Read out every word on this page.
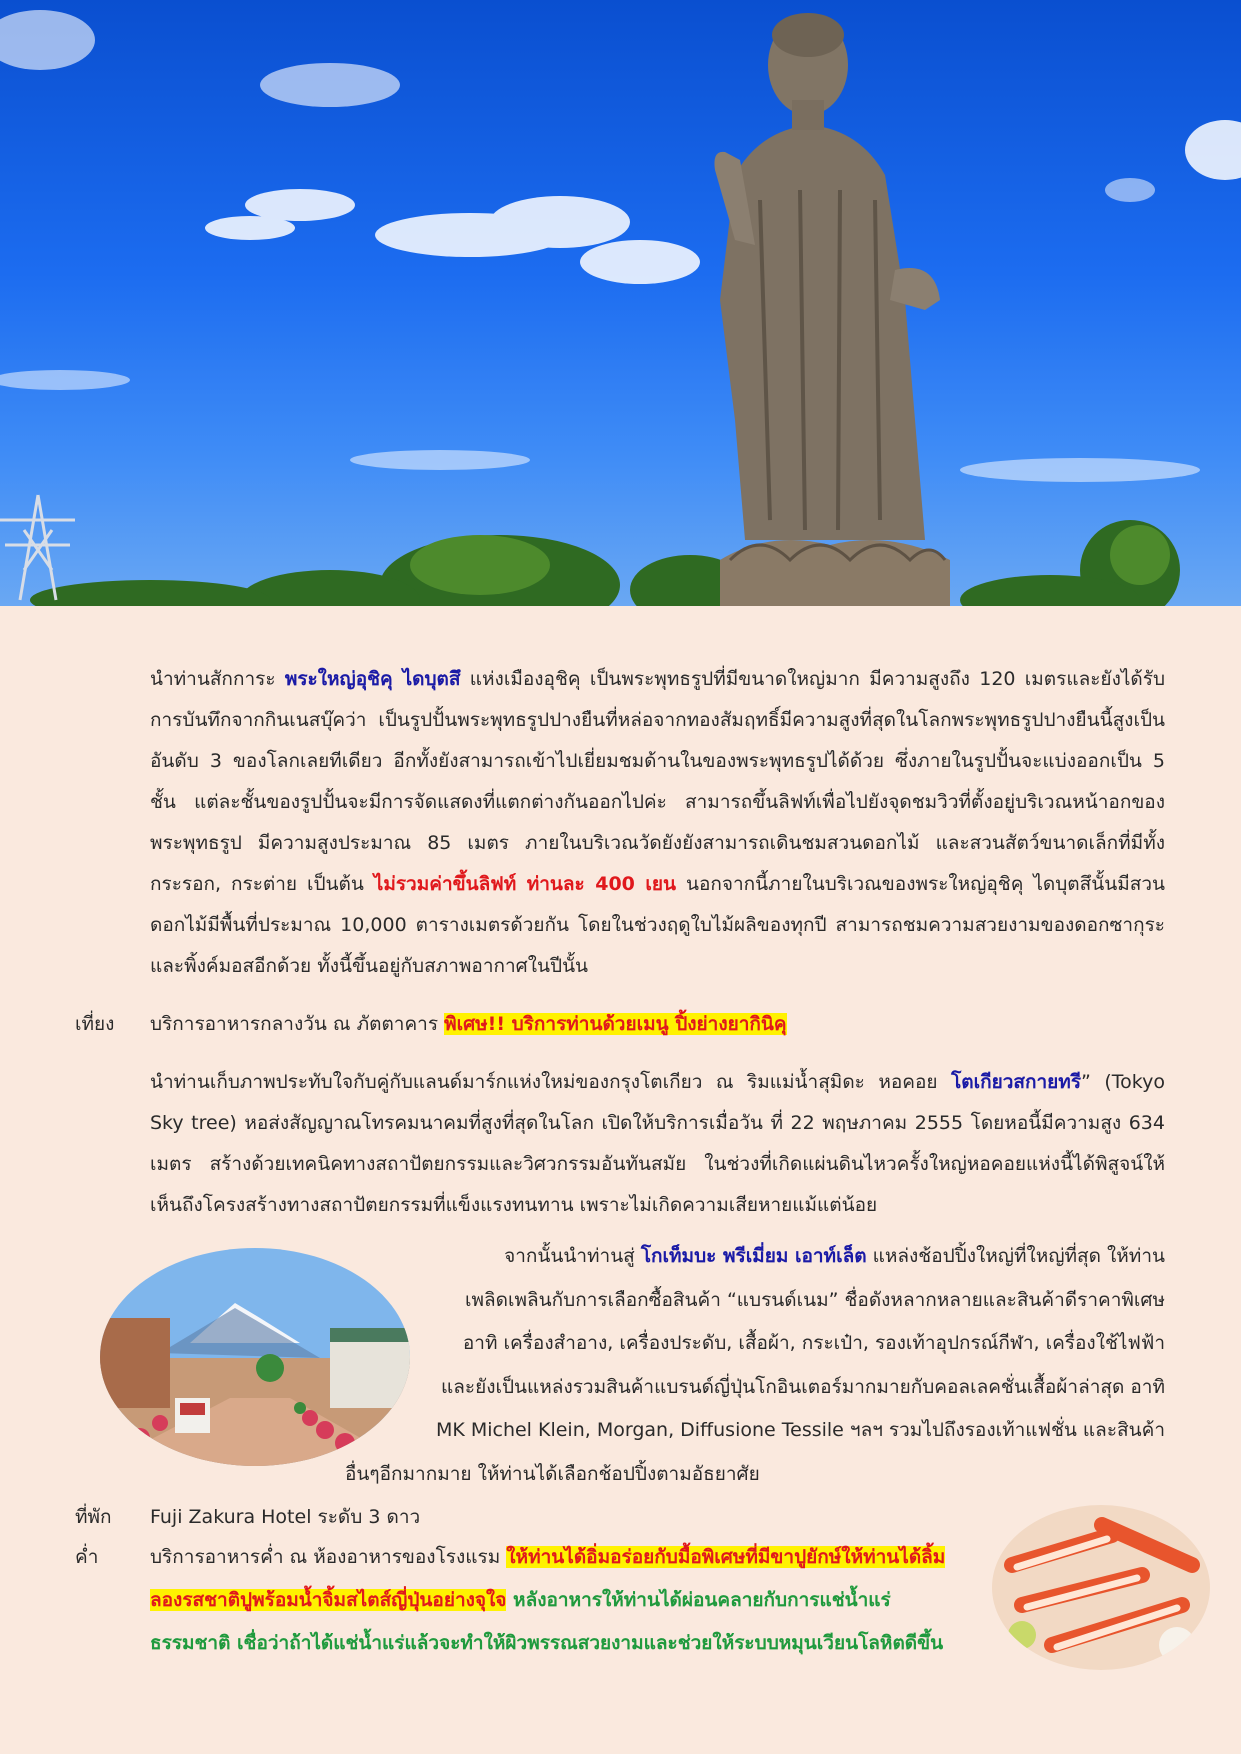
นำท่านสักการะ พระใหญ่อุชิคุ ไดบุตสึ แห่งเมืองอุชิคุ เป็นพระพุทธรูปที่มีขนาดใหญ่มาก มีความสูงถึง 120 เมตรและยังได้รับการบันทึกจากกินเนสบุ๊คว่า เป็นรูปปั้นพระพุทธรูปปางยืนที่หล่อจากทองสัมฤทธิ์มีความสูงที่สุดในโลกพระพุทธรูปปางยืนนี้สูงเป็นอันดับ 3 ของโลกเลยทีเดียว อีกทั้งยังสามารถเข้าไปเยี่ยมชมด้านในของพระพุทธรูปได้ด้วย ซึ่งภายในรูปปั้นจะแบ่งออกเป็น 5 ชั้น แต่ละชั้นของรูปปั้นจะมีการจัดแสดงที่แตกต่างกันออกไปค่ะ สามารถขึ้นลิฟท์เพื่อไปยังจุดชมวิวที่ตั้งอยู่บริเวณหน้าอกของพระพุทธรูป มีความสูงประมาณ 85 เมตร ภายในบริเวณวัดยังยังสามารถเดินชมสวนดอกไม้ และสวนสัตว์ขนาดเล็กที่มีทั้งกระรอก, กระต่าย เป็นต้น ไม่รวมค่าขึ้นลิฟท์ ท่านละ 400 เยน นอกจากนี้ภายในบริเวณของพระใหญ่อุชิคุ ไดบุตสึนั้นมีสวนดอกไม้มีพื้นที่ประมาณ 10,000 ตารางเมตรด้วยกัน โดยในช่วงฤดูใบไม้ผลิของทุกปี สามารถชมความสวยงามของดอกซากุระ และพิ้งค์มอสอีกด้วย ทั้งนี้ขึ้นอยู่กับสภาพอากาศในปีนั้น

เที่ยง บริการอาหารกลางวัน ณ ภัตตาคาร พิเศษ!! บริการท่านด้วยเมนู ปิ้งย่างยากินิคุ

นำท่านเก็บภาพประทับใจกับคู่กับแลนด์มาร์กแห่งใหม่ของกรุงโตเกียว ณ ริมแม่น้ำสุมิดะ หอคอย โตเกียวสกายทรี” (Tokyo Sky tree) หอส่งสัญญาณโทรคมนาคมที่สูงที่สุดในโลก เปิดให้บริการเมื่อวัน ที่ 22 พฤษภาคม 2555 โดยหอนี้มีความสูง 634 เมตร สร้างด้วยเทคนิคทางสถาปัตยกรรมและวิศวกรรมอันทันสมัย ในช่วงที่เกิดแผ่นดินไหวครั้งใหญ่หอคอยแห่งนี้ได้พิสูจน์ให้เห็นถึงโครงสร้างทางสถาปัตยกรรมที่แข็งแรงทนทาน เพราะไม่เกิดความเสียหายแม้แต่น้อย

จากนั้นนำท่านสู่ โกเท็มบะ พรีเมี่ยม เอาท์เล็ต แหล่งช้อปปิ้งใหญ่ที่ใหญ่ที่สุด ให้ท่าน

เพลิดเพลินกับการเลือกซื้อสินค้า “แบรนด์เนม” ชื่อดังหลากหลายและสินค้าดีราคาพิเศษ

อาทิ เครื่องสำอาง, เครื่องประดับ, เสื้อผ้า, กระเป๋า, รองเท้าอุปกรณ์กีฬา, เครื่องใช้ไฟฟ้า

และยังเป็นแหล่งรวมสินค้าแบรนด์ญี่ปุ่นโกอินเตอร์มากมายกับคอลเลคชั่นเสื้อผ้าล่าสุด อาทิ

MK Michel Klein, Morgan, Diffusione Tessile ฯลฯ รวมไปถึงรองเท้าแฟชั่น และสินค้า

อื่นๆอีกมากมาย ให้ท่านได้เลือกช้อปปิ้งตามอัธยาศัย

ที่พัก Fuji Zakura Hotel ระดับ 3 ดาว

ค่ำ	บริการอาหารค่ำ ณ ห้องอาหารของโรงแรม ให้ท่านได้อิ่มอร่อยกับมื้อพิเศษที่มีขาปูยักษ์ให้ท่านได้ลิ้ม

ลองรสชาติปูพร้อมน้ำจิ้มสไตส์ญี่ปุ่นอย่างจุใจ หลังอาหารให้ท่านได้ผ่อนคลายกับการแช่น้ำแร่

ธรรมชาติ เชื่อว่าถ้าได้แช่น้ำแร่แล้วจะทำให้ผิวพรรณสวยงามและช่วยให้ระบบหมุนเวียนโลหิตดีขึ้น
